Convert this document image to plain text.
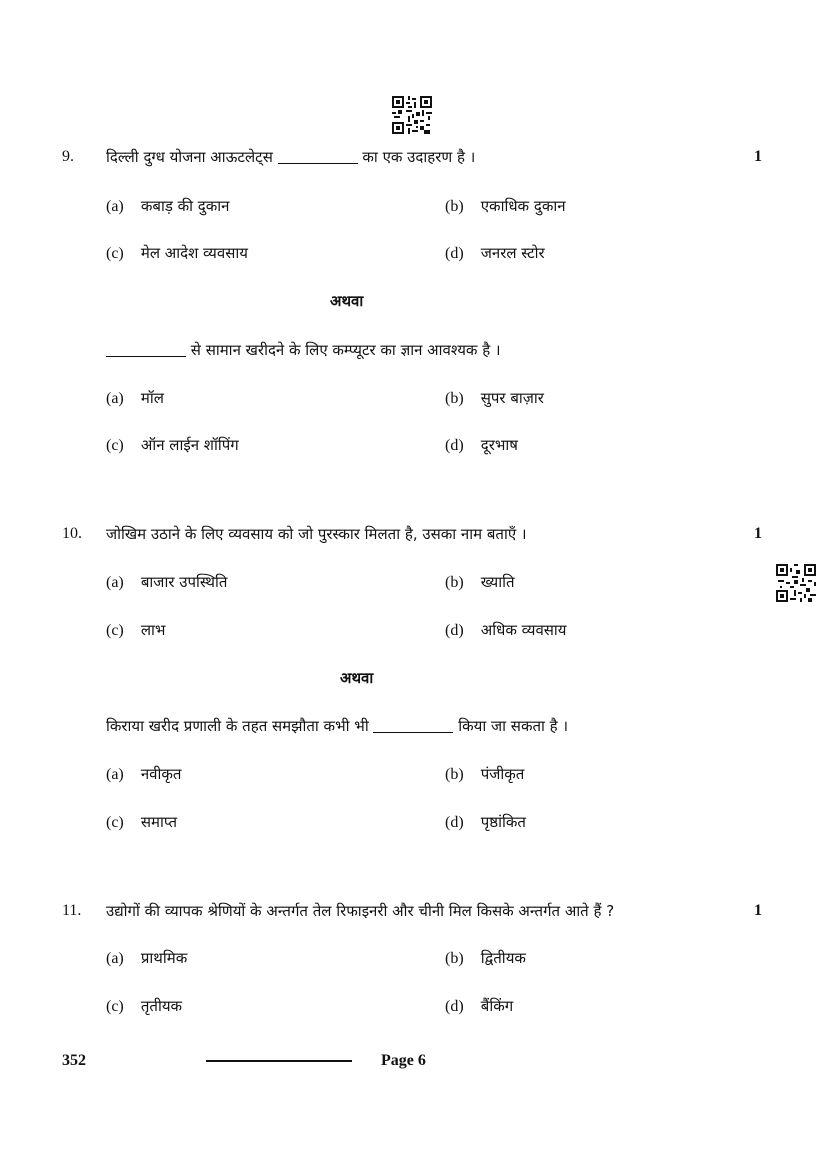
9. दिल्ली दुग्ध योजना आऊटलेट्स	का एक उदाहरण है ।	1
(a) कबाड़ की दुकान	(b) एकाधिक दुकान
(c) मेल आदेश व्यवसाय	(d) जनरल स्टोर
अथवा
से सामान खरीदने के लिए कम्प्यूटर का ज्ञान आवश्यक है ।
(a) मॉल	(b) सुपर बाज़ार
(c) ऑन लाईन शॉपिंग	(d) दूरभाष
10. जोखिम उठाने के लिए व्यवसाय को जो पुरस्कार मिलता है, उसका नाम बताएँ ।	1
(a) बाजार उपस्थिति	(b) ख्याति
(c) लाभ	(d) अधिक व्यवसाय
अथवा
किराया खरीद प्रणाली के तहत समझौता कभी भी	किया जा सकता है ।
(a) नवीकृत	(b) पंजीकृत
(c) समाप्त	(d) पृष्ठांकित
11. उद्योगों की व्यापक श्रेणियों के अन्तर्गत तेल रिफाइनरी और चीनी मिल किसके अन्तर्गत आते हैं ?	1
(a) प्राथमिक	(b) द्वितीयक
(c) तृतीयक	(d) बैंकिंग
352	Page 6
